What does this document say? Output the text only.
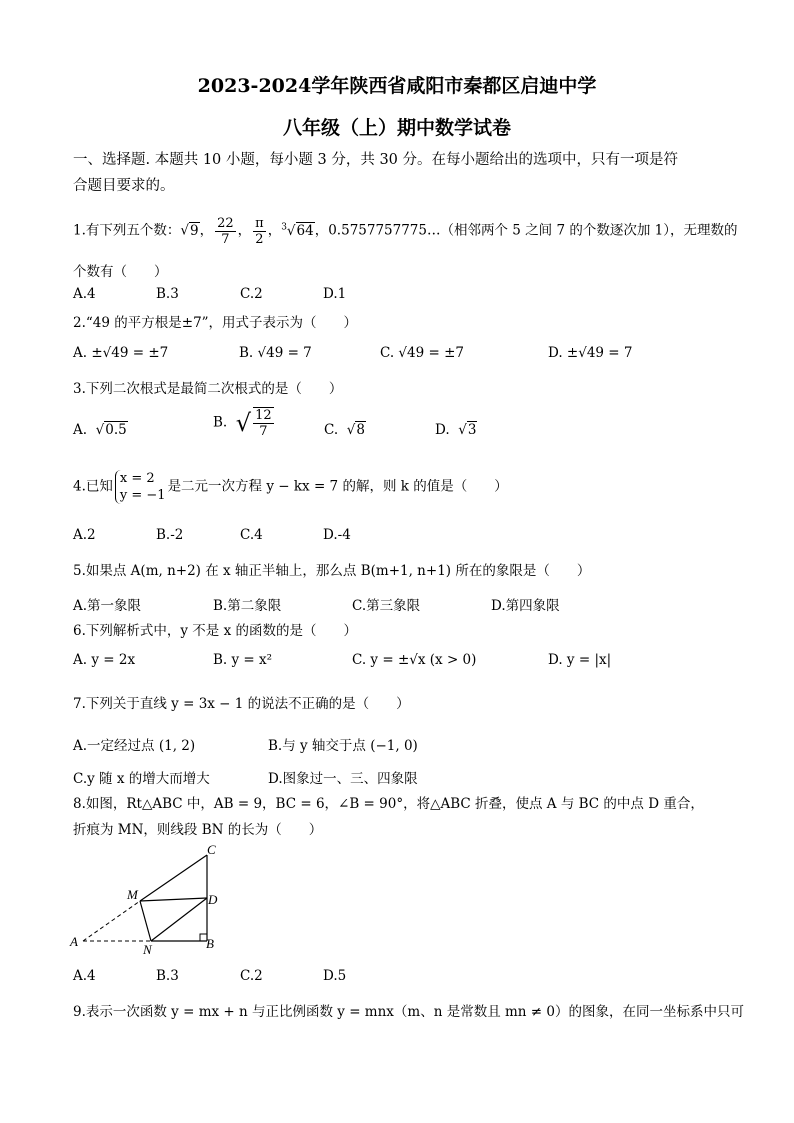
2023-2024学年陕西省咸阳市秦都区启迪中学
八年级（上）期中数学试卷
一、选择题. 本题共 10 小题，每小题 3 分，共 30 分。在每小题给出的选项中，只有一项是符
合题目要求的。
1.有下列五个数：√9， $\frac{22}{7}$ ， $\frac{\pi}{2}$ ，$^3$√64，0.5757757775…（相邻两个 5 之间 7 的个数逐次加 1），无理数的
个数有（　　）
A.4	B.3	C.2	D.1
2.“49 的平方根是±7”，用式子表示为（　　）
A. ±√49 = ±7	B. √49 = 7	C. √49 = ±7	D. ±√49 = 7
3.下列二次根式是最简二次根式的是（　　）
A.  √0.5	B.  √ $\frac{12}{7}$	C.  √8	D.  √3
4.已知 x = 2
y = −1
是二元一次方程 y − kx = 7 的解，则 k 的值是（　　）
A.2	B.-2	C.4	D.-4
5.如果点 A(m, n+2) 在 x 轴正半轴上，那么点 B(m+1, n+1) 所在的象限是（　　）
A.第一象限	B.第二象限	C.第三象限	D.第四象限
6.下列解析式中，y 不是 x 的函数的是（　　）
A. y = 2x	B. y = x²	C. y = ±√x (x > 0)	D. y = |x|
7.下列关于直线 y = 3x − 1 的说法不正确的是（　　）
A.一定经过点 (1, 2)	B.与 y 轴交于点 (−1, 0)
C.y 随 x 的增大而增大	D.图象过一、三、四象限
8.如图，Rt△ABC 中，AB = 9，BC = 6，∠B = 90°，将△ABC 折叠，使点 A 与 BC 的中点 D 重合，
折痕为 MN，则线段 BN 的长为（　　）
C
D
M
A
N	B
A.4	B.3	C.2	D.5
9.表示一次函数 y = mx + n 与正比例函数 y = mnx（m、n 是常数且 mn ≠ 0）的图象，在同一坐标系中只可
